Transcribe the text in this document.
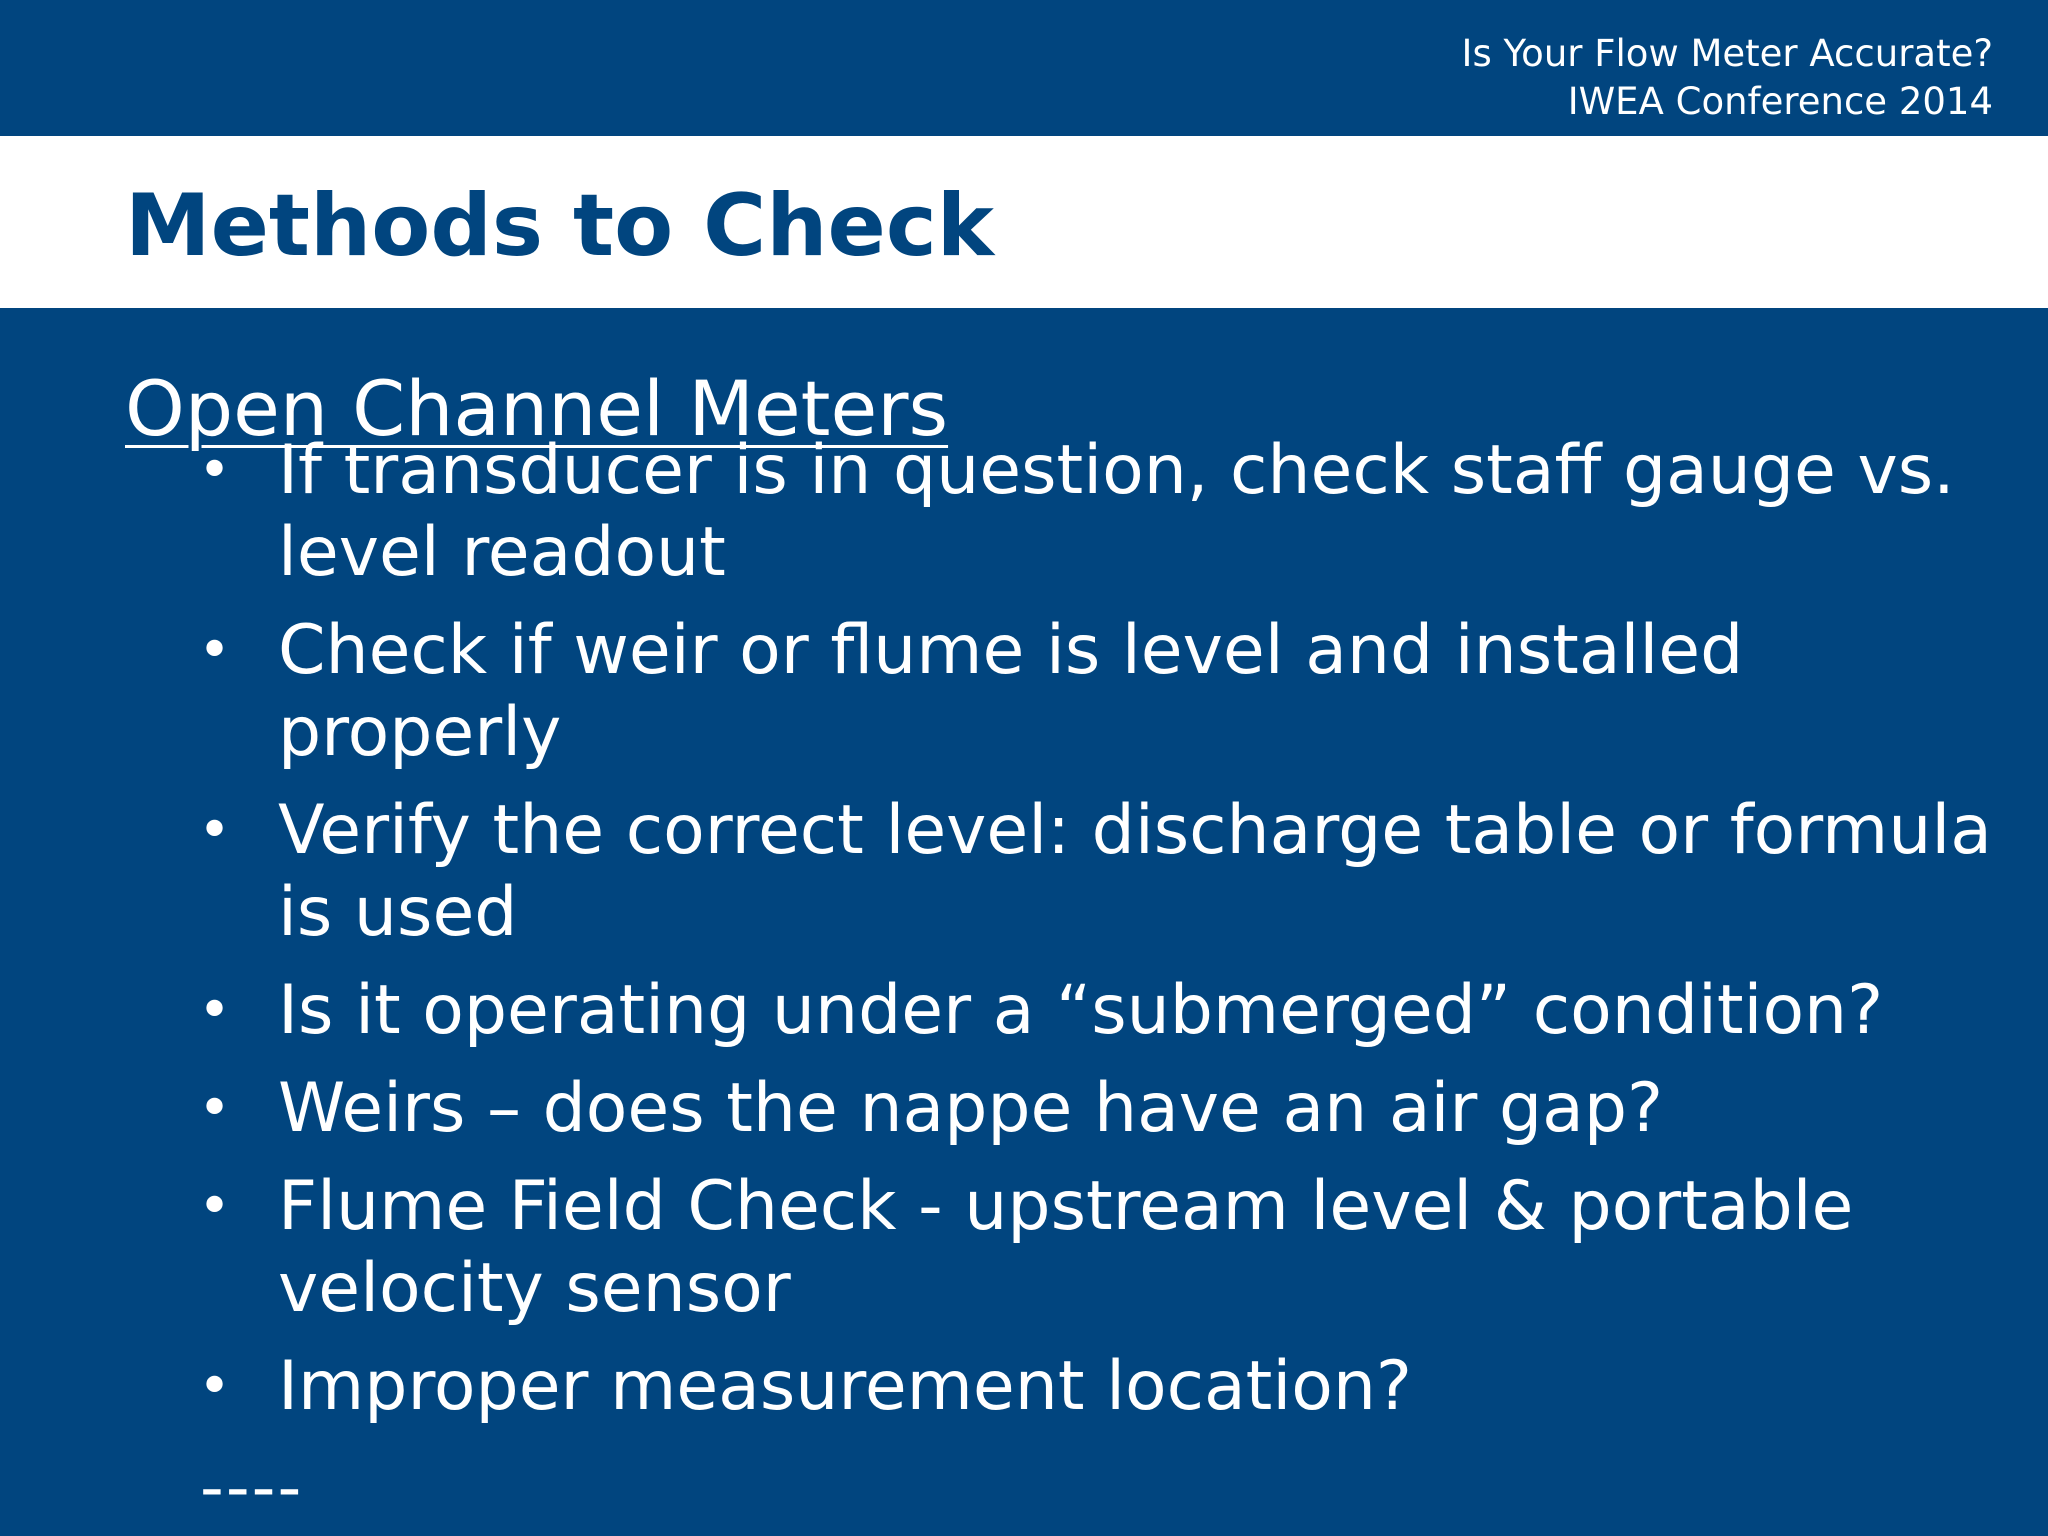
Is Your Flow Meter Accurate?
IWEA Conference 2014
Methods to Check
Open Channel Meters
• If transducer is in question, check staff gauge vs. level readout
• Check if weir or flume is level and installed properly
• Verify the correct level: discharge table or formula is used
• Is it operating under a “submerged” condition?
• Weirs – does the nappe have an air gap?
• Flume Field Check - upstream level & portable velocity sensor
• Improper measurement location?
----
